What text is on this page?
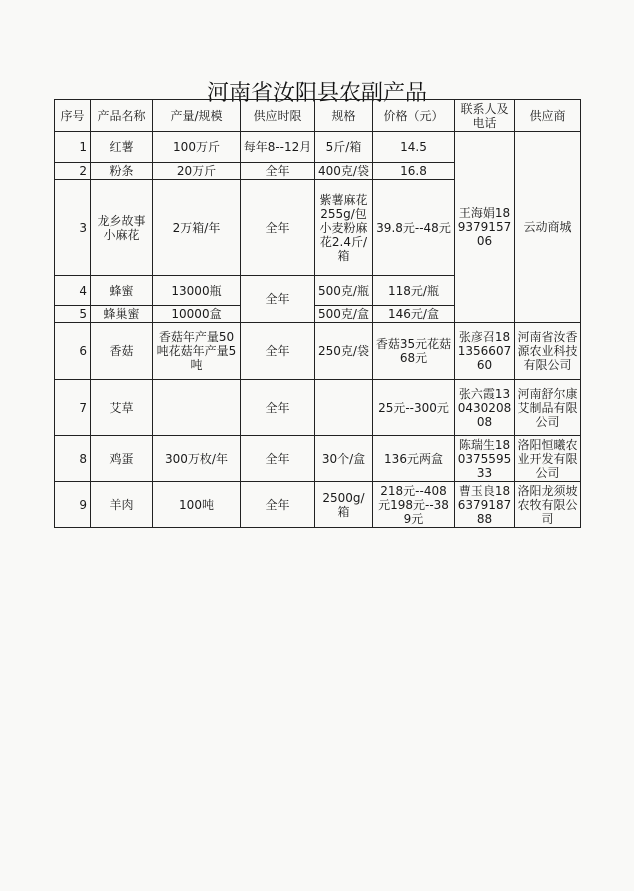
河南省汝阳县农副产品
序号	产品名称	产量/规模	供应时限	规格	价格（元）	联系人及电话	供应商
1	红薯	100万斤	每年8--12月	5斤/箱	14.5	王海娟18937915706	云动商城
2	粉条	20万斤	全年	400克/袋	16.8		
3	龙乡故事小麻花	2万箱/年	全年	紫薯麻花255g/包小麦粉麻花2.4斤/箱	39.8元--48元		
4	蜂蜜	13000瓶	全年	500克/瓶	118元/瓶		
5	蜂巢蜜	10000盒		500克/盒	146元/盒		
6	香菇	香菇年产量50吨花菇年产量5吨	全年	250克/袋	香菇35元花菇68元	张彦召18135660760	河南省汝香源农业科技有限公司
7	艾草		全年		25元--300元	张六霞13043020808	河南舒尔康艾制品有限公司
8	鸡蛋	300万枚/年	全年	30个/盒	136元两盒	陈瑞生18037559533	洛阳恒曦农业开发有限公司
9	羊肉	100吨	全年	2500g/箱	218元--408元198元--389元	曹玉良18637918788	洛阳龙须坡农牧有限公司
